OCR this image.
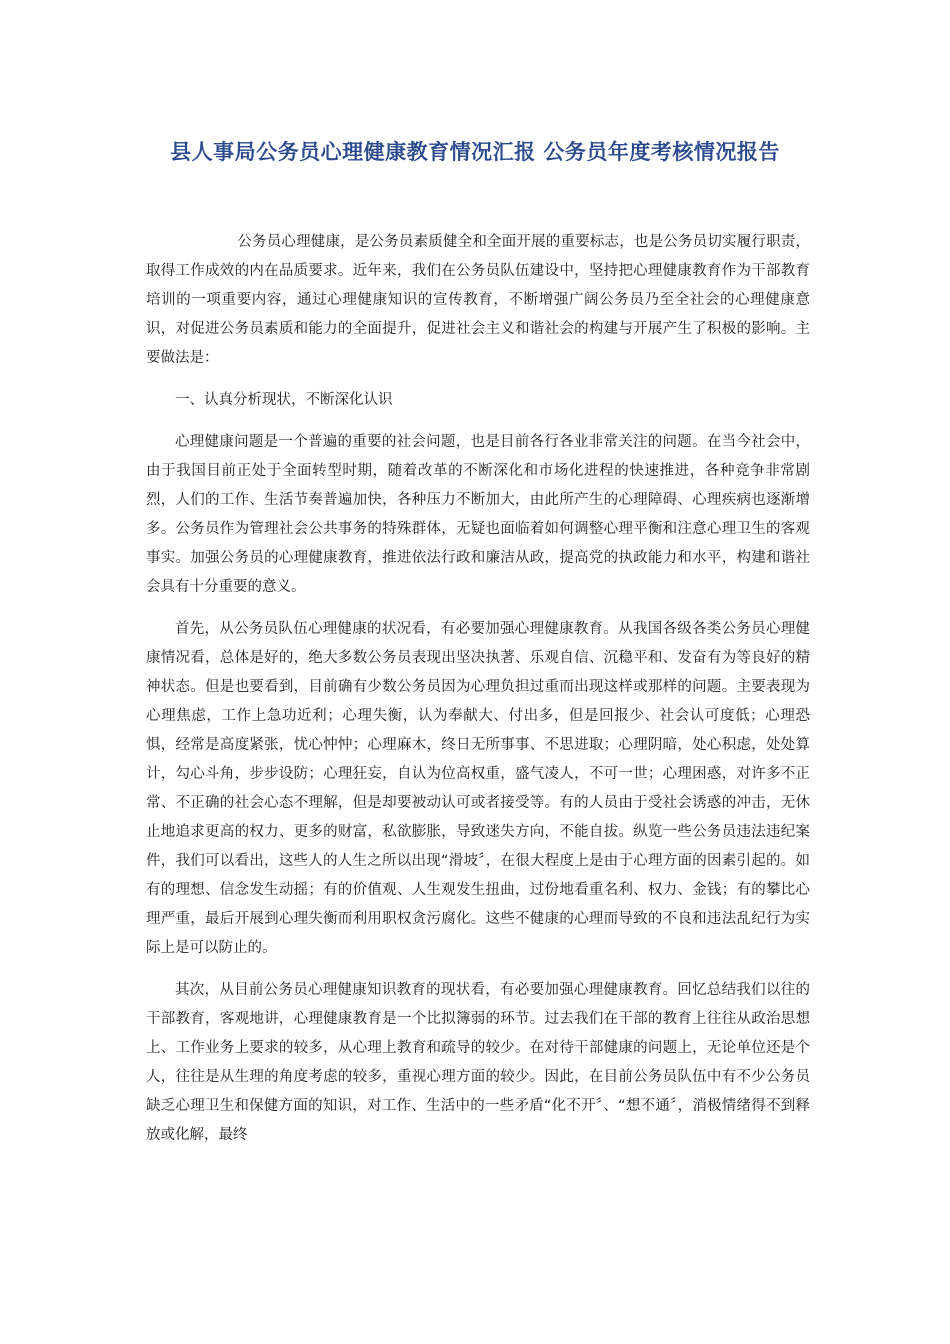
县人事局公务员心理健康教育情况汇报 公务员年度考核情况报告

公务员心理健康，是公务员素质健全和全面开展的重要标志，也是公务员切实履行职责，取得工作成效的内在品质要求。近年来，我们在公务员队伍建设中，坚持把心理健康教育作为干部教育培训的一项重要内容，通过心理健康知识的宣传教育，不断增强广阔公务员乃至全社会的心理健康意识，对促进公务员素质和能力的全面提升，促进社会主义和谐社会的构建与开展产生了积极的影响。主要做法是：

一、认真分析现状，不断深化认识

心理健康问题是一个普遍的重要的社会问题，也是目前各行各业非常关注的问题。在当今社会中，由于我国目前正处于全面转型时期，随着改革的不断深化和市场化进程的快速推进，各种竞争非常剧烈，人们的工作、生活节奏普遍加快，各种压力不断加大，由此所产生的心理障碍、心理疾病也逐渐增多。公务员作为管理社会公共事务的特殊群体，无疑也面临着如何调整心理平衡和注意心理卫生的客观事实。加强公务员的心理健康教育，推进依法行政和廉洁从政，提高党的执政能力和水平，构建和谐社会具有十分重要的意义。

首先，从公务员队伍心理健康的状况看，有必要加强心理健康教育。从我国各级各类公务员心理健康情况看，总体是好的，绝大多数公务员表现出坚决执著、乐观自信、沉稳平和、发奋有为等良好的精神状态。但是也要看到，目前确有少数公务员因为心理负担过重而出现这样或那样的问题。主要表现为心理焦虑，工作上急功近利；心理失衡，认为奉献大、付出多，但是回报少、社会认可度低；心理恐惧，经常是高度紧张，忧心忡忡；心理麻木，终日无所事事、不思进取；心理阴暗，处心积虑，处处算计，勾心斗角，步步设防；心理狂妄，自认为位高权重，盛气凌人，不可一世；心理困惑，对许多不正常、不正确的社会心态不理解，但是却要被动认可或者接受等。有的人员由于受社会诱惑的冲击，无休止地追求更高的权力、更多的财富，私欲膨胀，导致迷失方向，不能自拔。纵览一些公务员违法违纪案件，我们可以看出，这些人的人生之所以出现“滑坡〞，在很大程度上是由于心理方面的因素引起的。如有的理想、信念发生动摇；有的价值观、人生观发生扭曲，过份地看重名利、权力、金钱；有的攀比心理严重，最后开展到心理失衡而利用职权贪污腐化。这些不健康的心理而导致的不良和违法乱纪行为实际上是可以防止的。

其次，从目前公务员心理健康知识教育的现状看，有必要加强心理健康教育。回忆总结我们以往的干部教育，客观地讲，心理健康教育是一个比拟簿弱的环节。过去我们在干部的教育上往往从政治思想上、工作业务上要求的较多，从心理上教育和疏导的较少。在对待干部健康的问题上，无论单位还是个人，往往是从生理的角度考虑的较多，重视心理方面的较少。因此，在目前公务员队伍中有不少公务员缺乏心理卫生和保健方面的知识，对工作、生活中的一些矛盾“化不开〞、“想不通〞，消极情绪得不到释放或化解，最终
